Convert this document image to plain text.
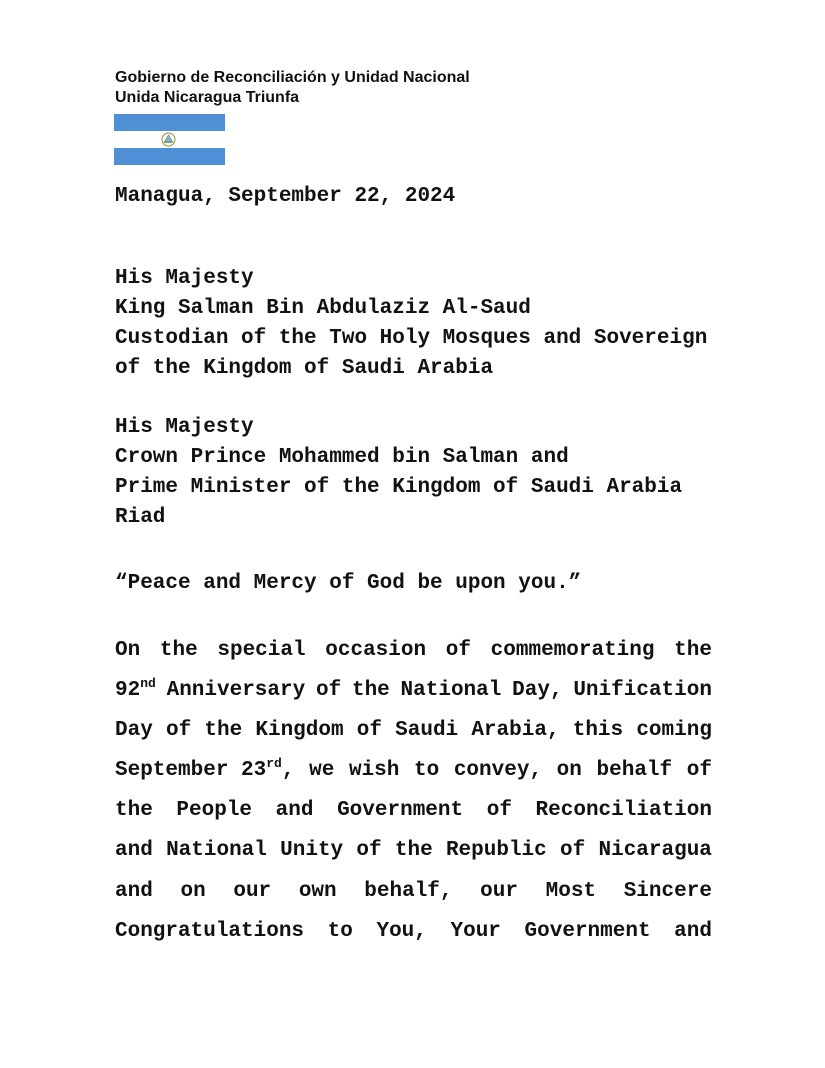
Gobierno de Reconciliación y Unidad Nacional
Unida Nicaragua Triunfa
Managua, September 22, 2024
His Majesty
King Salman Bin Abdulaziz Al-Saud
Custodian of the Two Holy Mosques and Sovereign
of the Kingdom of Saudi Arabia
His Majesty
Crown Prince Mohammed bin Salman and
Prime Minister of the Kingdom of Saudi Arabia
Riad
“Peace and Mercy of God be upon you.”
On the special occasion of commemorating the
92nd Anniversary of the National Day, Unification
Day of the Kingdom of Saudi Arabia, this coming
September 23rd, we wish to convey, on behalf of
the People and Government of Reconciliation
and National Unity of the Republic of Nicaragua
and on our own behalf, our Most Sincere
Congratulations to You, Your Government and
